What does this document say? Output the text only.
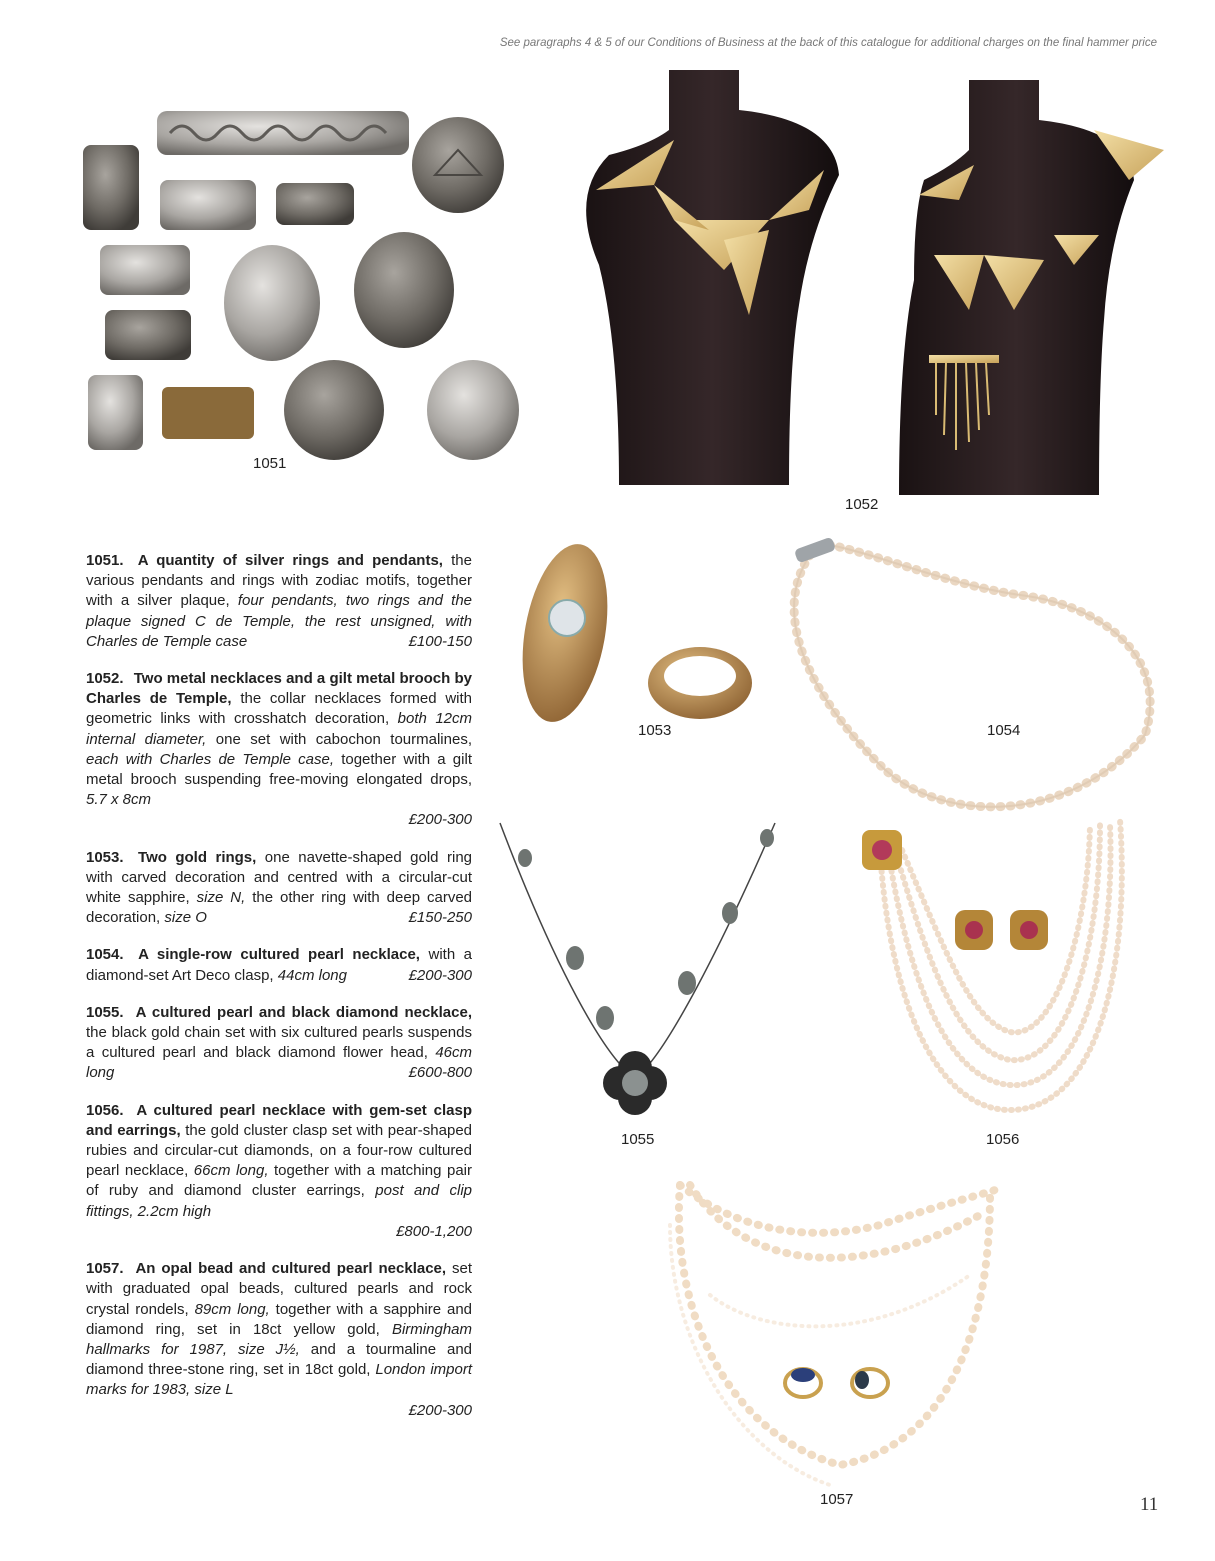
See paragraphs 4 & 5 of our Conditions of Business at the back of this catalogue for additional charges on the final hammer price
1051
1052
1053	1054
1055	1056
1057

1051. A quantity of silver rings and pendants, the various pendants and rings with zodiac motifs, together with a silver plaque, four pendants, two rings and the plaque signed C de Temple, the rest unsigned, with Charles de Temple case	£100-150

1052. Two metal necklaces and a gilt metal brooch by Charles de Temple, the collar necklaces formed with geometric links with crosshatch decoration, both 12cm internal diameter, one set with cabochon tourmalines, each with Charles de Temple case, together with a gilt metal brooch suspending free-moving elongated drops, 5.7 x 8cm
£200-300

1053. Two gold rings, one navette-shaped gold ring with carved decoration and centred with a circular-cut white sapphire, size N, the other ring with deep carved decoration, size O	£150-250

1054. A single-row cultured pearl necklace, with a diamond-set Art Deco clasp, 44cm long	£200-300

1055. A cultured pearl and black diamond necklace, the black gold chain set with six cultured pearls suspends a cultured pearl and black diamond flower head, 46cm long	£600-800

1056. A cultured pearl necklace with gem-set clasp and earrings, the gold cluster clasp set with pear-shaped rubies and circular-cut diamonds, on a four-row cultured pearl necklace, 66cm long, together with a matching pair of ruby and diamond cluster earrings, post and clip fittings, 2.2cm high
£800-1,200

1057. An opal bead and cultured pearl necklace, set with graduated opal beads, cultured pearls and rock crystal rondels, 89cm long, together with a sapphire and diamond ring, set in 18ct yellow gold, Birmingham hallmarks for 1987, size J½, and a tourmaline and diamond three-stone ring, set in 18ct gold, London import marks for 1983, size L
£200-300

11
